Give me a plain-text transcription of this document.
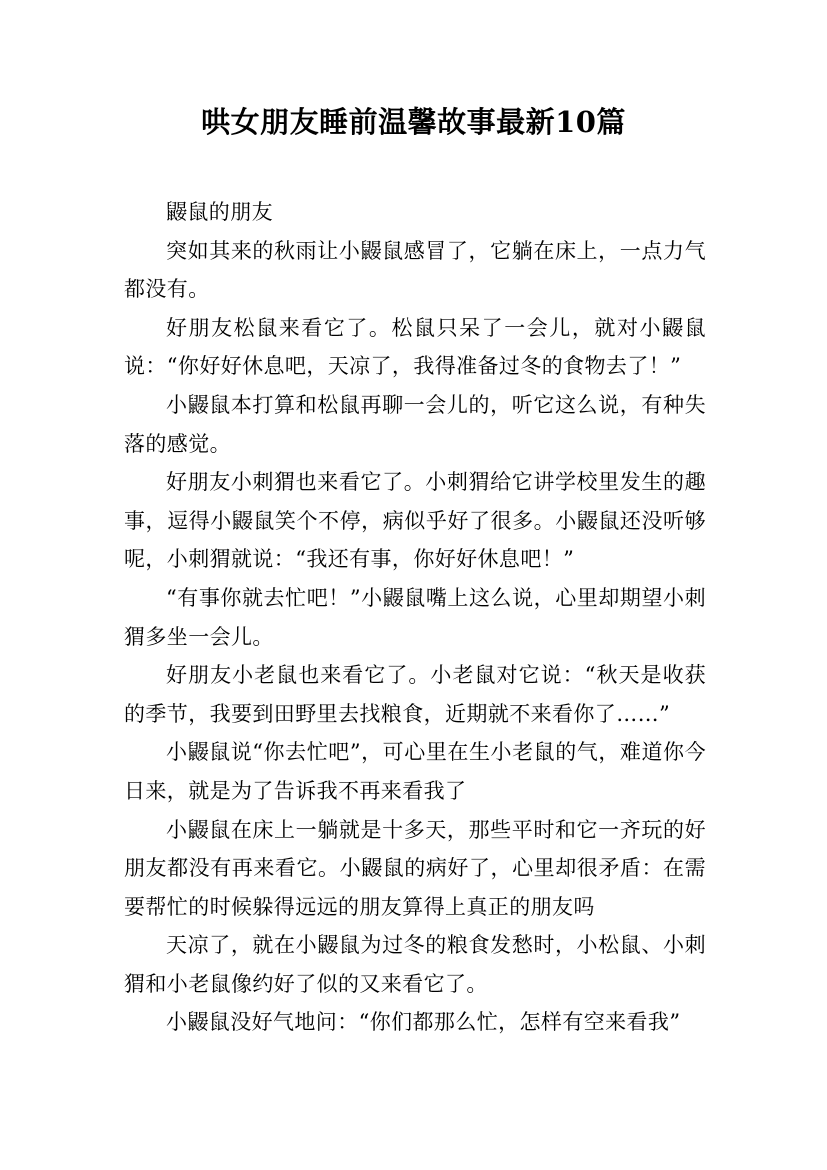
哄女朋友睡前温馨故事最新10篇

鼹鼠的朋友

突如其来的秋雨让小鼹鼠感冒了，它躺在床上，一点力气都没有。

好朋友松鼠来看它了。松鼠只呆了一会儿，就对小鼹鼠说：“你好好休息吧，天凉了，我得准备过冬的食物去了！”

小鼹鼠本打算和松鼠再聊一会儿的，听它这么说，有种失落的感觉。

好朋友小刺猬也来看它了。小刺猬给它讲学校里发生的趣事，逗得小鼹鼠笑个不停，病似乎好了很多。小鼹鼠还没听够呢，小刺猬就说：“我还有事，你好好休息吧！”

“有事你就去忙吧！”小鼹鼠嘴上这么说，心里却期望小刺猬多坐一会儿。

好朋友小老鼠也来看它了。小老鼠对它说：“秋天是收获的季节，我要到田野里去找粮食，近期就不来看你了……”

小鼹鼠说“你去忙吧”，可心里在生小老鼠的气，难道你今日来，就是为了告诉我不再来看我了

小鼹鼠在床上一躺就是十多天，那些平时和它一齐玩的好朋友都没有再来看它。小鼹鼠的病好了，心里却很矛盾：在需要帮忙的时候躲得远远的朋友算得上真正的朋友吗

天凉了，就在小鼹鼠为过冬的粮食发愁时，小松鼠、小刺猬和小老鼠像约好了似的又来看它了。

小鼹鼠没好气地问：“你们都那么忙，怎样有空来看我”
